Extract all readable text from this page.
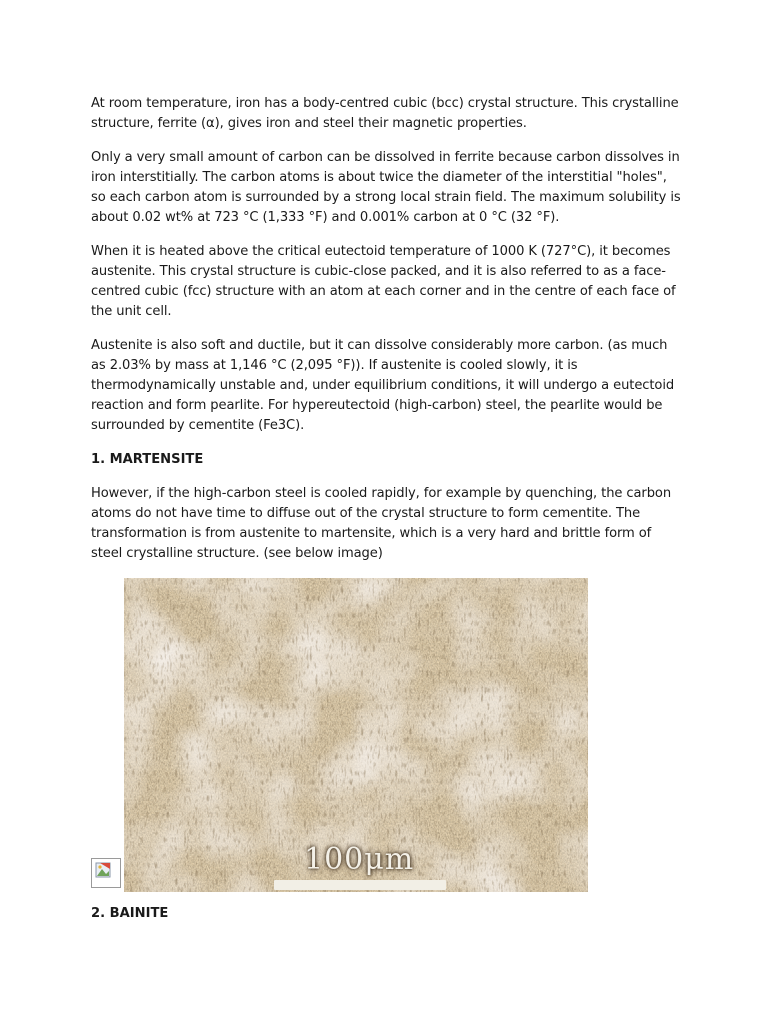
At room temperature, iron has a body-centred cubic (bcc) crystal structure. This crystalline structure, ferrite (α), gives iron and steel their magnetic properties.

Only a very small amount of carbon can be dissolved in ferrite because carbon dissolves in iron interstitially. The carbon atoms is about twice the diameter of the interstitial "holes", so each carbon atom is surrounded by a strong local strain field. The maximum solubility is about 0.02 wt% at 723 °C (1,333 °F) and 0.001% carbon at 0 °C (32 °F).

When it is heated above the critical eutectoid temperature of 1000 K (727°C), it becomes austenite. This crystal structure is cubic-close packed, and it is also referred to as a face-centred cubic (fcc) structure with an atom at each corner and in the centre of each face of the unit cell.

Austenite is also soft and ductile, but it can dissolve considerably more carbon. (as much as 2.03% by mass at 1,146 °C (2,095 °F)). If austenite is cooled slowly, it is thermodynamically unstable and, under equilibrium conditions, it will undergo a eutectoid reaction and form pearlite. For hypereutectoid (high-carbon) steel, the pearlite would be surrounded by cementite (Fe3C).

1. MARTENSITE

However, if the high-carbon steel is cooled rapidly, for example by quenching, the carbon atoms do not have time to diffuse out of the crystal structure to form cementite. The transformation is from austenite to martensite, which is a very hard and brittle form of steel crystalline structure. (see below image)

100μm
2. BAINITE
